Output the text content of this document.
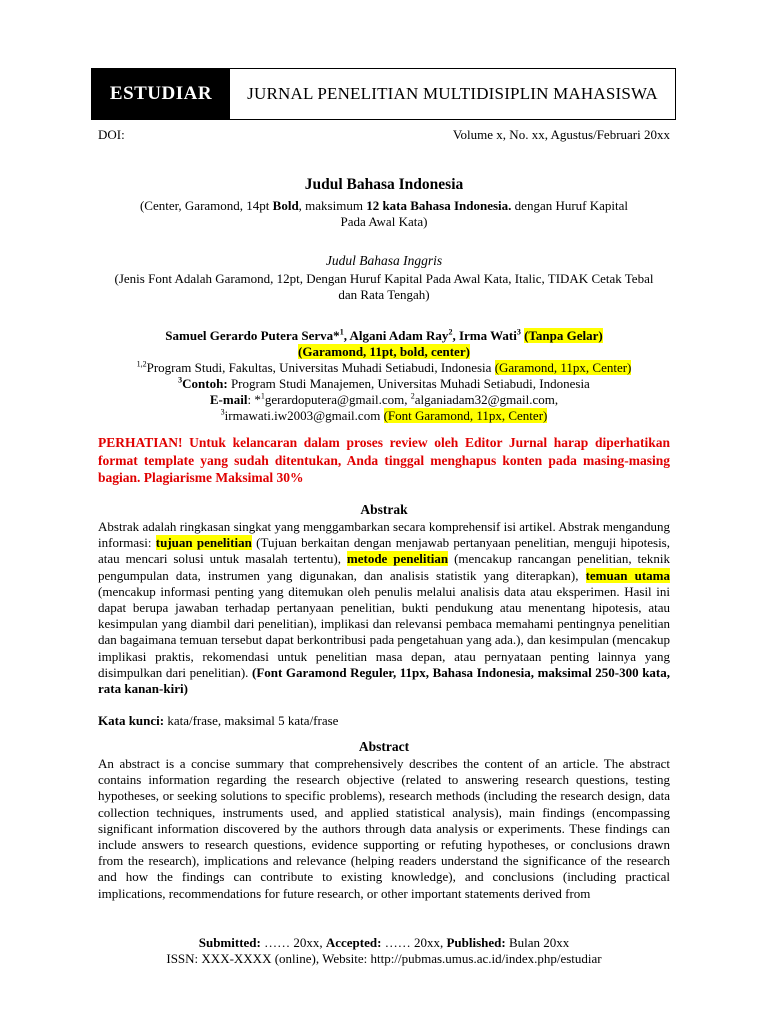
ESTUDIAR	JURNAL PENELITIAN MULTIDISIPLIN MAHASISWA
DOI:	Volume x, No. xx, Agustus/Februari 20xx
Judul Bahasa Indonesia
(Center, Garamond, 14pt Bold, maksimum 12 kata Bahasa Indonesia. dengan Huruf Kapital Pada Awal Kata)
Judul Bahasa Inggris
(Jenis Font Adalah Garamond, 12pt, Dengan Huruf Kapital Pada Awal Kata, Italic, TIDAK Cetak Tebal dan Rata Tengah)
Samuel Gerardo Putera Serva*$^1$, Algani Adam Ray$^2$, Irma Wati$^3$ (Tanpa Gelar)
(Garamond, 11pt, bold, center)
$^{1,2}$Program Studi, Fakultas, Universitas Muhadi Setiabudi, Indonesia (Garamond, 11px, Center)
$^3$Contoh: Program Studi Manajemen, Universitas Muhadi Setiabudi, Indonesia
E-mail: *$^1$gerardoputera@gmail.com, $^2$alganiadam32@gmail.com,
$^3$irmawati.iw2003@gmail.com (Font Garamond, 11px, Center)
PERHATIAN! Untuk kelancaran dalam proses review oleh Editor Jurnal harap diperhatikan format template yang sudah ditentukan, Anda tinggal menghapus konten pada masing-masing bagian. Plagiarisme Maksimal 30%
Abstrak
Abstrak adalah ringkasan singkat yang menggambarkan secara komprehensif isi artikel. Abstrak mengandung informasi: tujuan penelitian (Tujuan berkaitan dengan menjawab pertanyaan penelitian, menguji hipotesis, atau mencari solusi untuk masalah tertentu), metode penelitian (mencakup rancangan penelitian, teknik pengumpulan data, instrumen yang digunakan, dan analisis statistik yang diterapkan), temuan utama (mencakup informasi penting yang ditemukan oleh penulis melalui analisis data atau eksperimen. Hasil ini dapat berupa jawaban terhadap pertanyaan penelitian, bukti pendukung atau menentang hipotesis, atau kesimpulan yang diambil dari penelitian), implikasi dan relevansi pembaca memahami pentingnya penelitian dan bagaimana temuan tersebut dapat berkontribusi pada pengetahuan yang ada.), dan kesimpulan (mencakup implikasi praktis, rekomendasi untuk penelitian masa depan, atau pernyataan penting lainnya yang disimpulkan dari penelitian). (Font Garamond Reguler, 11px, Bahasa Indonesia, maksimal 250-300 kata, rata kanan-kiri)
Kata kunci: kata/frase, maksimal 5 kata/frase
Abstract
An abstract is a concise summary that comprehensively describes the content of an article. The abstract contains information regarding the research objective (related to answering research questions, testing hypotheses, or seeking solutions to specific problems), research methods (including the research design, data collection techniques, instruments used, and applied statistical analysis), main findings (encompassing significant information discovered by the authors through data analysis or experiments. These findings can include answers to research questions, evidence supporting or refuting hypotheses, or conclusions drawn from the research), implications and relevance (helping readers understand the significance of the research and how the findings can contribute to existing knowledge), and conclusions (including practical implications, recommendations for future research, or other important statements derived from
Submitted: …… 20xx, Accepted: …… 20xx, Published: Bulan 20xx
ISSN: XXX-XXXX (online), Website: http://pubmas.umus.ac.id/index.php/estudiar
